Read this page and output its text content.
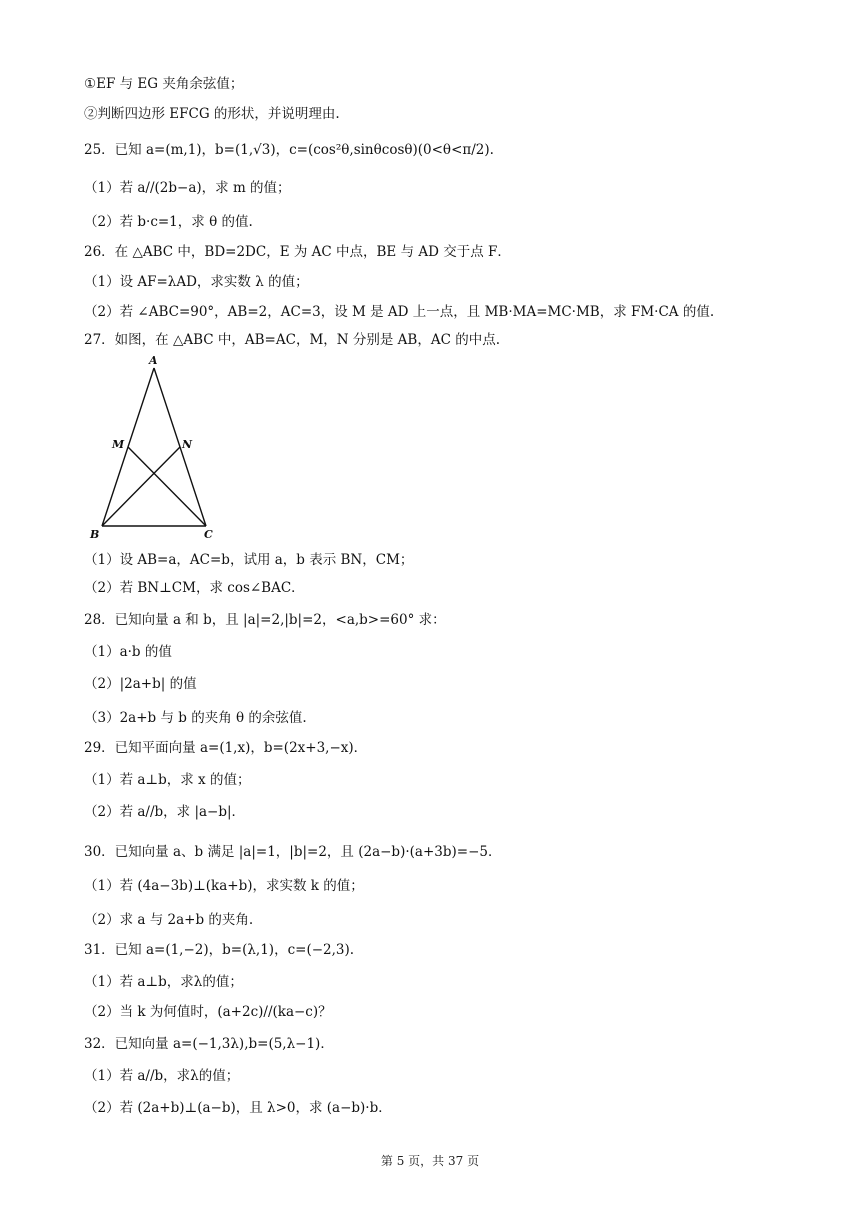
①EF 与 EG 夹角余弦值；
②判断四边形 EFCG 的形状，并说明理由.
25．已知 a=(m,1)，b=(1,√3)，c=(cos²θ,sinθcosθ)(0<θ<π/2).
（1）若 a//(2b−a)，求 m 的值；
（2）若 b·c=1，求 θ 的值.
26．在 △ABC 中，BD=2DC，E 为 AC 中点，BE 与 AD 交于点 F．
（1）设 AF=λAD，求实数 λ 的值；
（2）若 ∠ABC=90°，AB=2，AC=3，设 M 是 AD 上一点，且 MB·MA=MC·MB，求 FM·CA 的值.
27．如图，在 △ABC 中，AB=AC，M，N 分别是 AB，AC 的中点.
A
B	C
M	N
（1）设 AB=a，AC=b，试用 a，b 表示 BN，CM；
（2）若 BN⊥CM，求 cos∠BAC．
28．已知向量 a 和 b，且 |a|=2,|b|=2，<a,b>=60° 求：
（1）a·b 的值
（2）|2a+b| 的值
（3）2a+b 与 b 的夹角 θ 的余弦值.
29．已知平面向量 a=(1,x)，b=(2x+3,−x)．
（1）若 a⊥b，求 x 的值；
（2）若 a//b，求 |a−b|．
30．已知向量 a、b 满足 |a|=1，|b|=2，且 (2a−b)·(a+3b)=−5．
（1）若 (4a−3b)⊥(ka+b)，求实数 k 的值；
（2）求 a 与 2a+b 的夹角.
31．已知 a=(1,−2)，b=(λ,1)，c=(−2,3).
（1）若 a⊥b，求λ的值；
（2）当 k 为何值时，(a+2c)//(ka−c)？
32．已知向量 a=(−1,3λ),b=(5,λ−1)．
（1）若 a//b，求λ的值；
（2）若 (2a+b)⊥(a−b)，且 λ>0，求 (a−b)·b．
第 5 页，共 37 页
